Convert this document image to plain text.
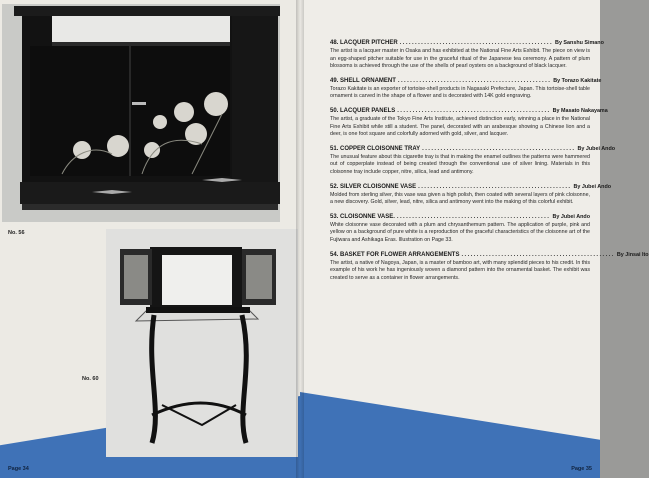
No. 56
No. 60
Page 34
48. LACQUER PITCHER .................................................. By Sanshu Simano
The artist is a lacquer master in Osaka and has exhibited at the National Fine Arts Exhibit. The piece on view is an egg-shaped pitcher suitable for use in the graceful ritual of the Japanese tea ceremony. A pattern of plum blossoms is achieved through the use of the shells of pearl oysters on a background of black lacquer.
49. SHELL ORNAMENT .................................................. By Torazo Kakitate
Torazo Kakitate is an exporter of tortoise-shell products in Nagasaki Prefecture, Japan. This tortoise-shell table ornament is carved in the shape of a flower and is decorated with 14K gold engraving.
50. LACQUER PANELS .................................................. By Masato Nakayama
The artist, a graduate of the Tokyo Fine Arts Institute, achieved distinction early, winning a place in the National Fine Arts Exhibit while still a student. The panel, decorated with an arabesque showing a Chinese lion and a deer, is one foot square and colorfully adorned with gold, silver, and lacquer.
51. COPPER CLOISONNE TRAY .................................................. By Jubei Ando
The unusual feature about this cigarette tray is that in making the enamel outlines the patterns were hammered out of copperplate instead of being created through the conventional use of silver lining. Materials in this cloisonne tray include copper, nitre, silica, lead and antimony.
52. SILVER CLOISONNE VASE .................................................. By Jubei Ando
Molded from sterling silver, this vase was given a high polish, then coated with several layers of pink cloisonne, a new discovery. Gold, silver, lead, nitre, silica and antimony went into the making of this colorful exhibit.
53. CLOISONNE VASE. .................................................. By Jubei Ando
White cloisonne vase decorated with a plum and chrysanthemum pattern. The application of purple, pink and yellow on a background of pure white is a reproduction of the graceful characteristics of the cloisonne art of the Fujiwara and Ashikaga Eras. Illustration on Page 33.
54. BASKET FOR FLOWER ARRANGEMENTS .................................................. By Jinsai Ito
The artist, a native of Nagoya, Japan, is a master of bamboo art, with many splendid pieces to his credit. In this example of his work he has ingeniously woven a diamond pattern into the ornamental basket. The exhibit was created to serve as a container in flower arrangements.
Page 35
